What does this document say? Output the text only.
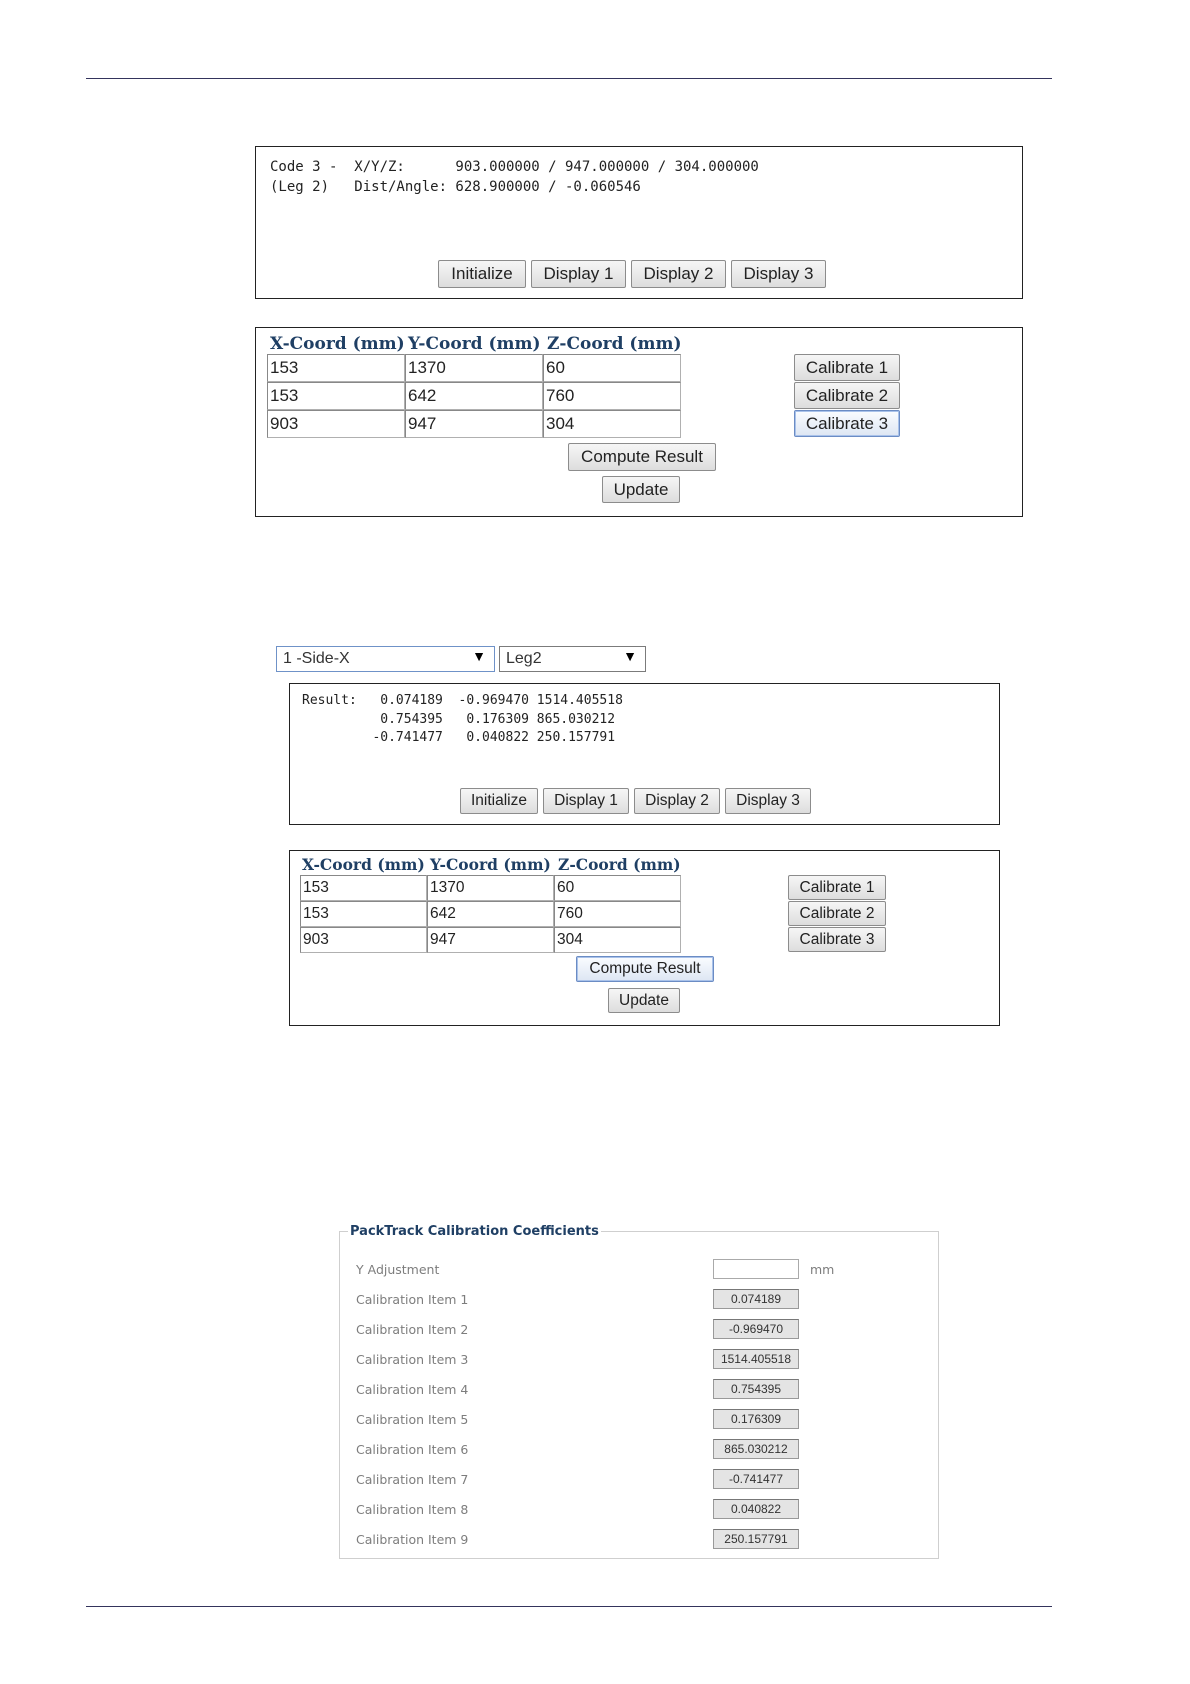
Code 3 -  X/Y/Z:      903.000000 / 947.000000 / 304.000000
(Leg 2)   Dist/Angle: 628.900000 / -0.060546
Initialize	Display 1	Display 2	Display 3
X-Coord (mm) Y-Coord (mm) Z-Coord (mm)
153	1370	60

153	642	760

903	947	304
Calibrate 1
Calibrate 2
Calibrate 3
Compute Result
Update
1 -Side-X	▼ Leg2	▼
Result:   0.074189  -0.969470 1514.405518
0.754395   0.176309 865.030212
-0.741477   0.040822 250.157791
Initialize	Display 1	Display 2	Display 3
X-Coord (mm) Y-Coord (mm) Z-Coord (mm)
153	1370	60

153	642	760

903	947	304
Calibrate 1
Calibrate 2
Calibrate 3
Compute Result
Update
PackTrack Calibration Coefficients
Y Adjustment	mm
Calibration Item 1	0.074189
Calibration Item 2	-0.969470
Calibration Item 3	1514.405518
Calibration Item 4	0.754395
Calibration Item 5	0.176309
Calibration Item 6	865.030212
Calibration Item 7	-0.741477
Calibration Item 8	0.040822
Calibration Item 9	250.157791
